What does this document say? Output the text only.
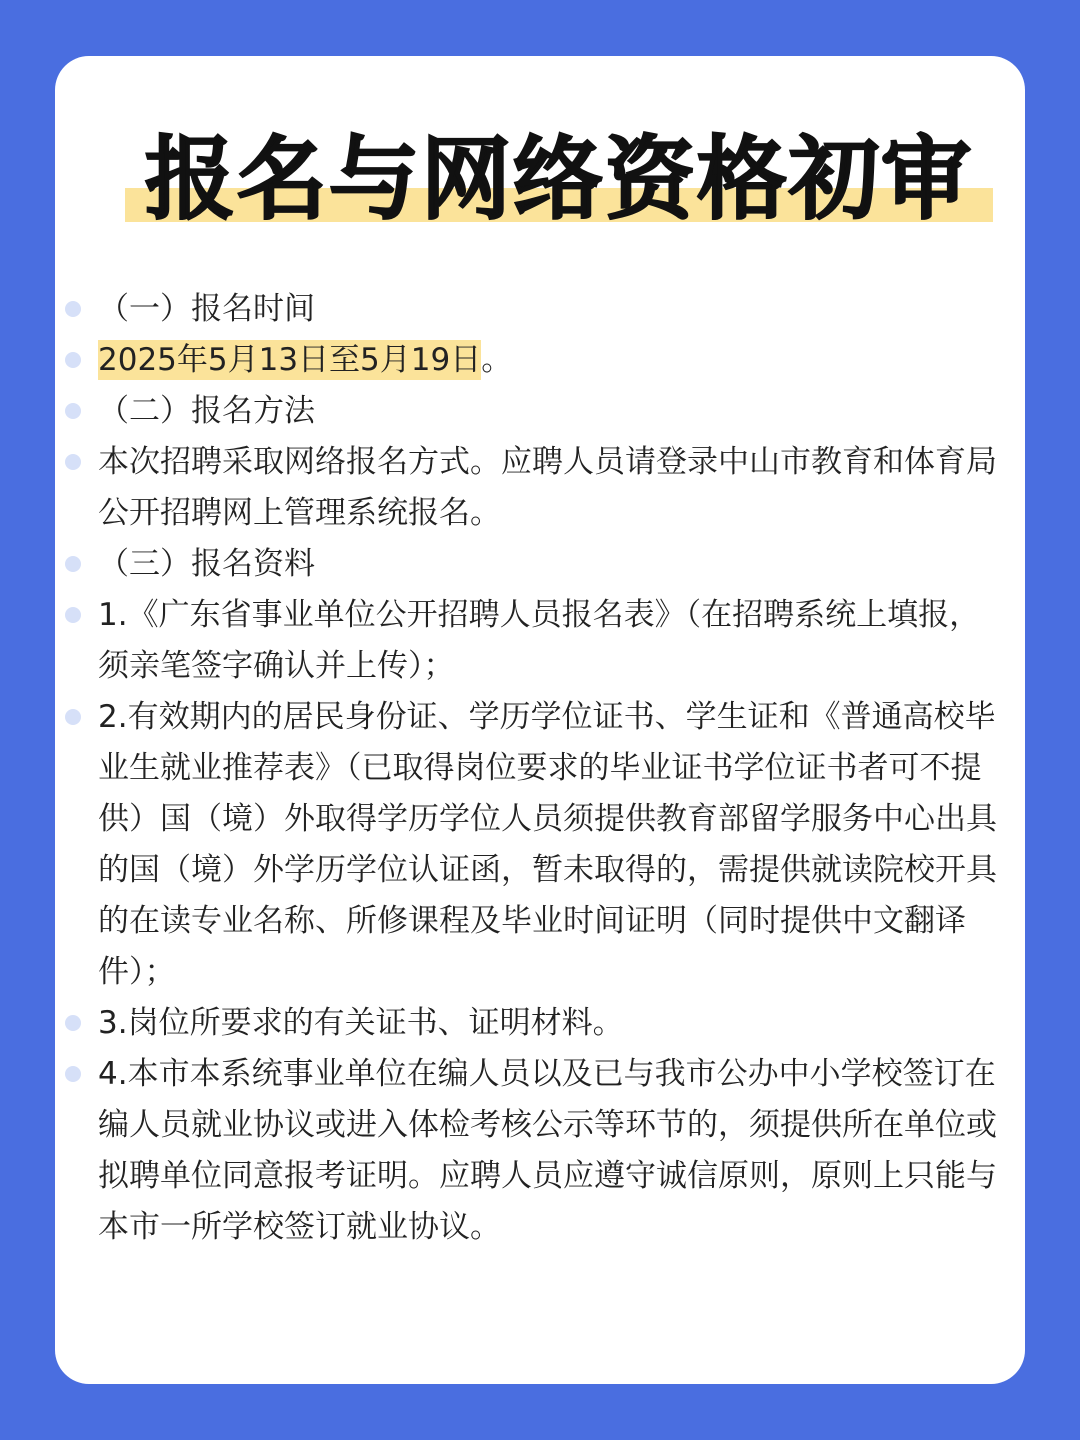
报名与网络资格初审
（一）报名时间
2025年5月13日至5月19日。
（二）报名方法
本次招聘采取网络报名方式。应聘人员请登录中山市教育和体育局公开招聘网上管理系统报名。
（三）报名资料
1.《广东省事业单位公开招聘人员报名表》（在招聘系统上填报，须亲笔签字确认并上传）；
2.有效期内的居民身份证、学历学位证书、学生证和《普通高校毕业生就业推荐表》（已取得岗位要求的毕业证书学位证书者可不提供）国（境）外取得学历学位人员须提供教育部留学服务中心出具的国（境）外学历学位认证函，暂未取得的，需提供就读院校开具的在读专业名称、所修课程及毕业时间证明（同时提供中文翻译件）；
3.岗位所要求的有关证书、证明材料。
4.本市本系统事业单位在编人员以及已与我市公办中小学校签订在编人员就业协议或进入体检考核公示等环节的，须提供所在单位或拟聘单位同意报考证明。应聘人员应遵守诚信原则，原则上只能与本市一所学校签订就业协议。
